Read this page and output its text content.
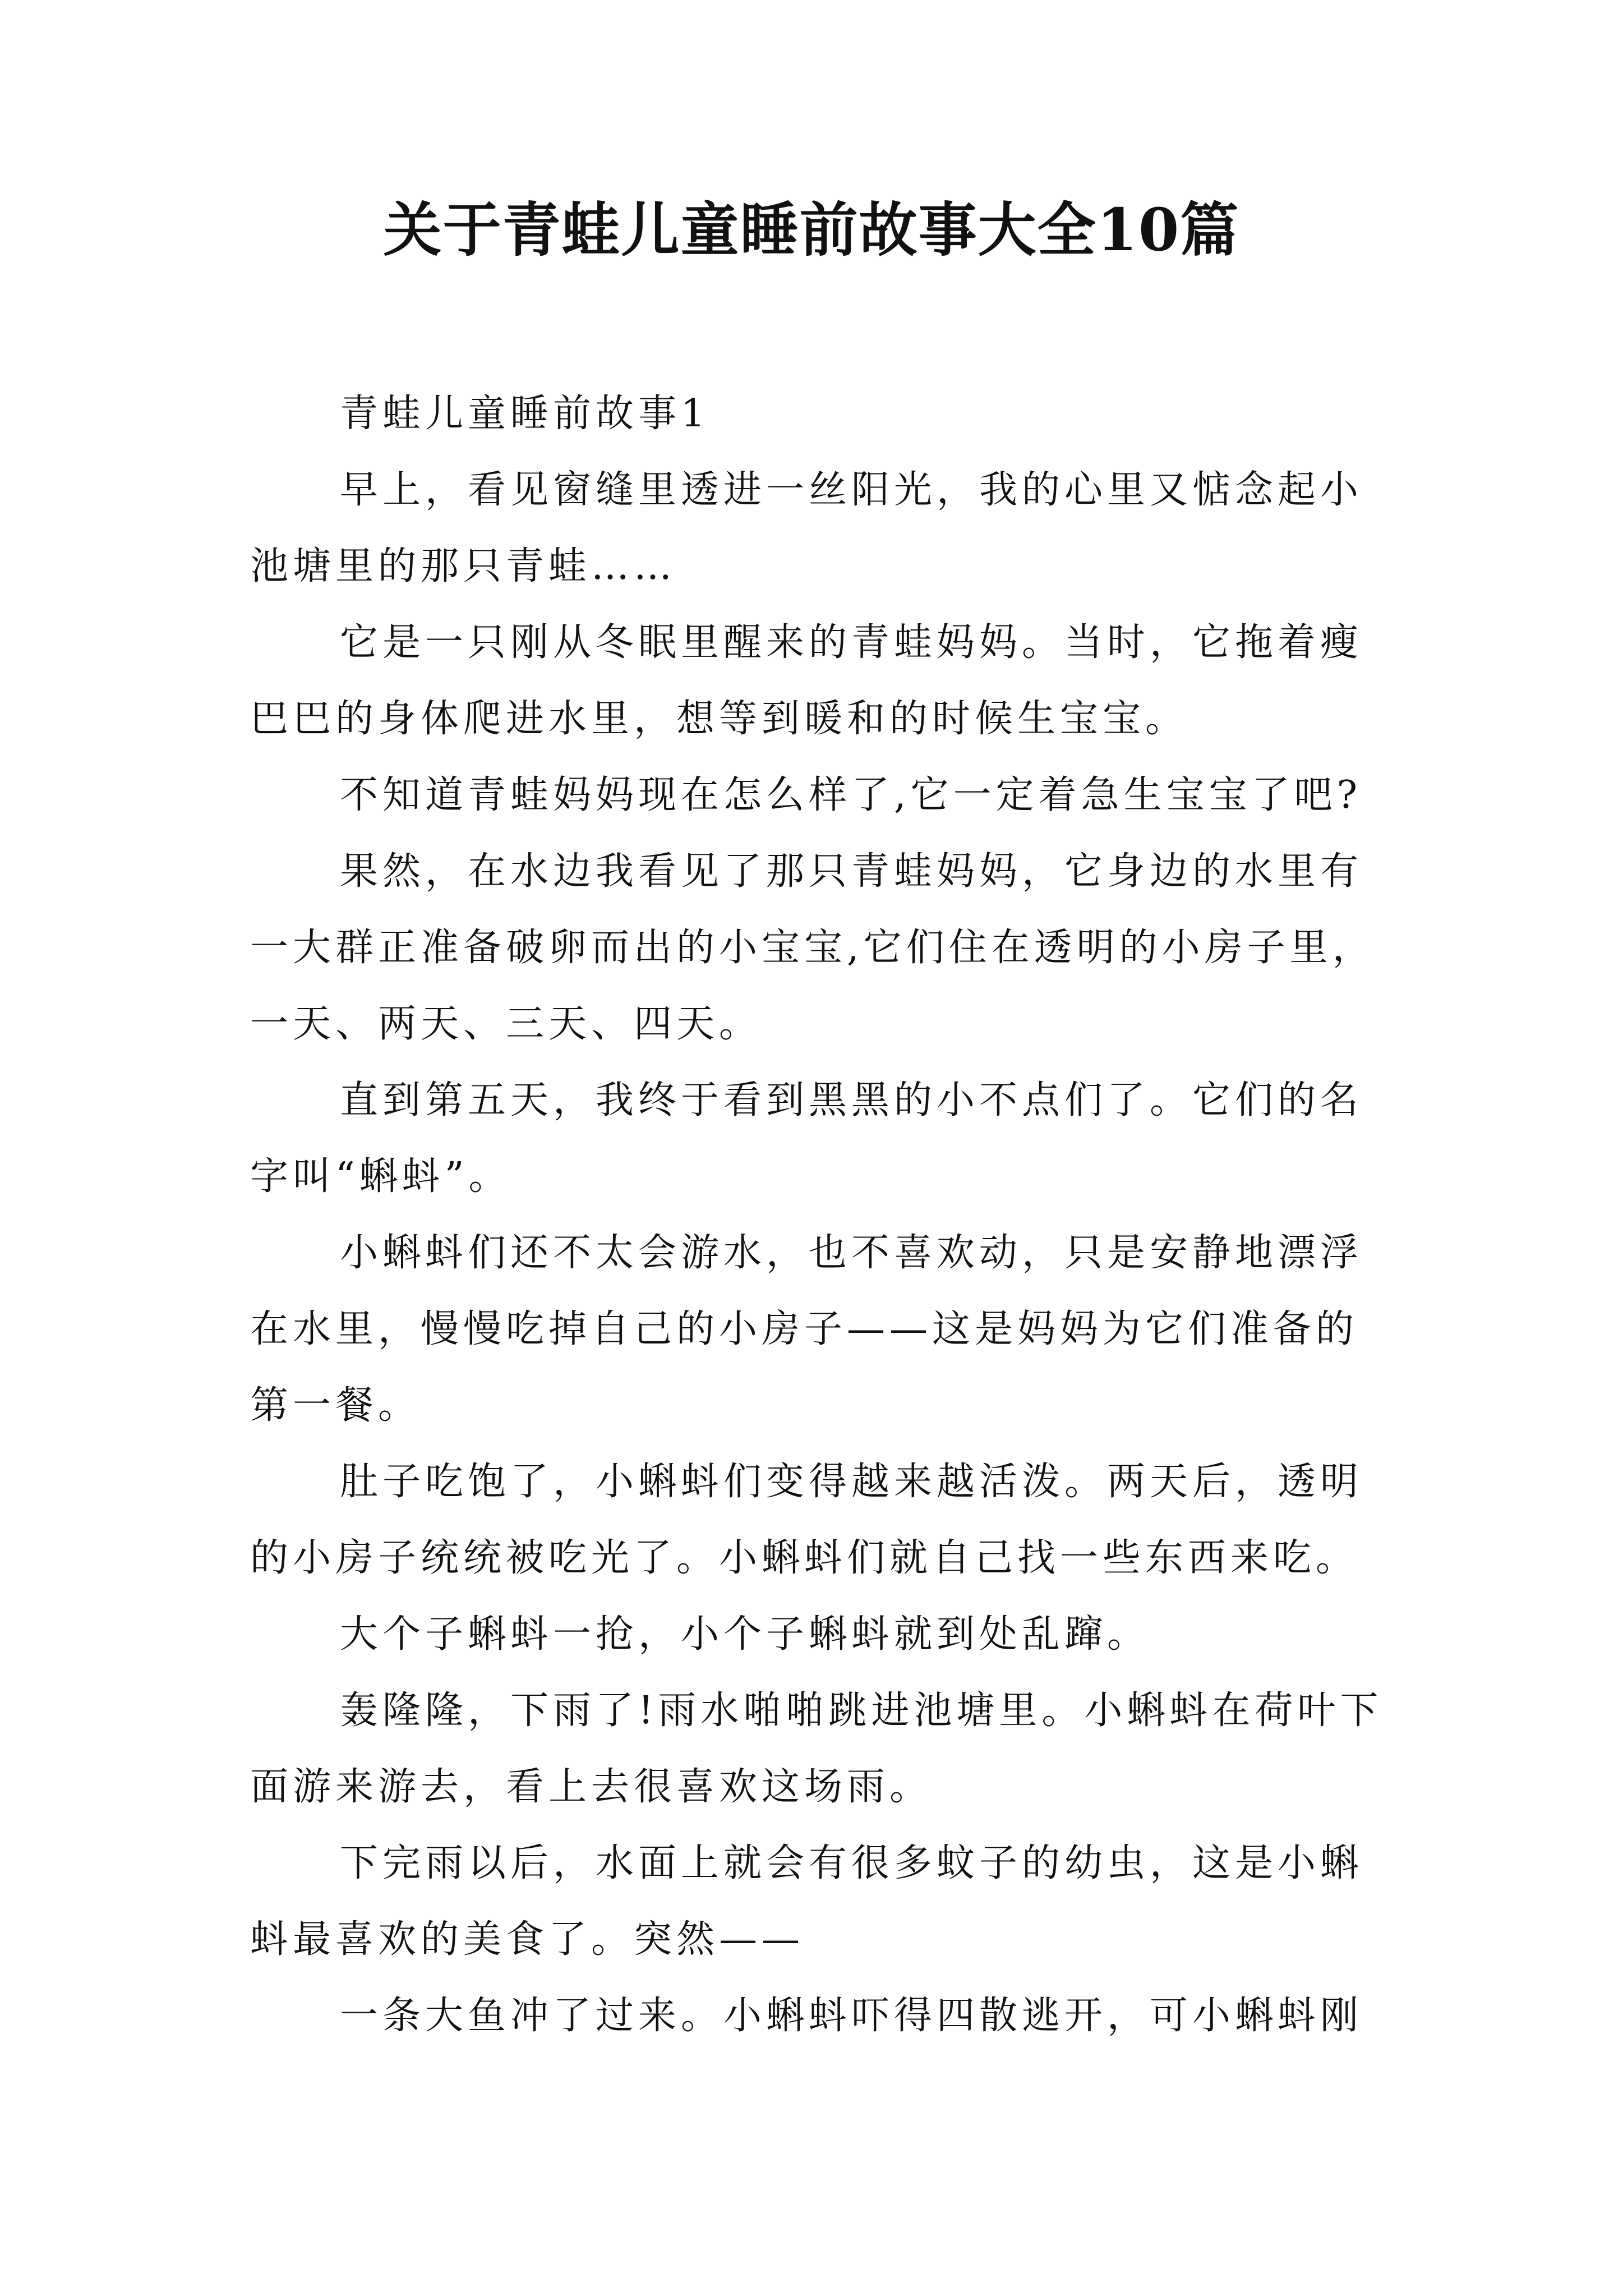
关于青蛙儿童睡前故事大全10篇

青蛙儿童睡前故事1

早上，看见窗缝里透进一丝阳光，我的心里又惦念起小池塘里的那只青蛙……

它是一只刚从冬眠里醒来的青蛙妈妈。当时，它拖着瘦巴巴的身体爬进水里，想等到暖和的时候生宝宝。

不知道青蛙妈妈现在怎么样了,它一定着急生宝宝了吧?

果然，在水边我看见了那只青蛙妈妈，它身边的水里有一大群正准备破卵而出的小宝宝,它们住在透明的小房子里，一天、两天、三天、四天。

直到第五天，我终于看到黑黑的小不点们了。它们的名字叫“蝌蚪”。

小蝌蚪们还不太会游水，也不喜欢动，只是安静地漂浮在水里，慢慢吃掉自己的小房子——这是妈妈为它们准备的第一餐。

肚子吃饱了，小蝌蚪们变得越来越活泼。两天后，透明的小房子统统被吃光了。小蝌蚪们就自己找一些东西来吃。

大个子蝌蚪一抢，小个子蝌蚪就到处乱蹿。

轰隆隆，下雨了!雨水啪啪跳进池塘里。小蝌蚪在荷叶下面游来游去，看上去很喜欢这场雨。

下完雨以后，水面上就会有很多蚊子的幼虫，这是小蝌蚪最喜欢的美食了。突然——

一条大鱼冲了过来。小蝌蚪吓得四散逃开，可小蝌蚪刚
